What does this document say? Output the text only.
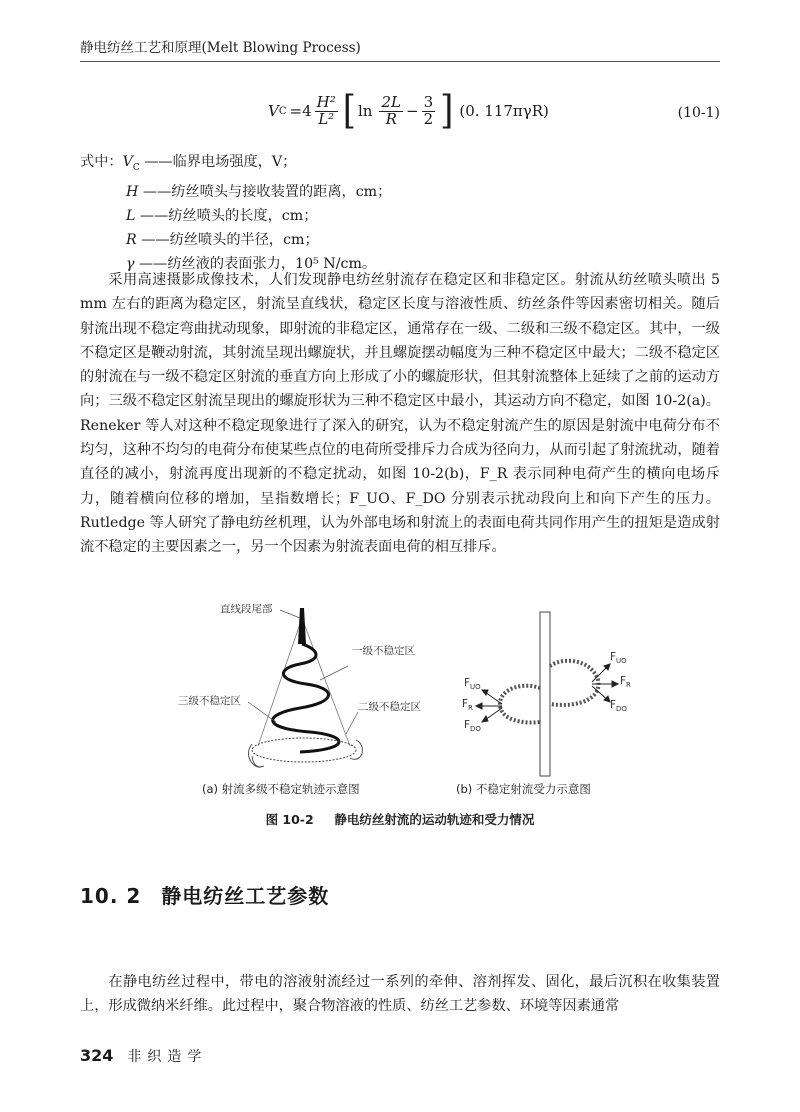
静电纺丝工艺和原理(Melt Blowing Process)
V $C =4 \frac{\text{H²}}{\text{L²}}$ [ $\ln \frac{2L}{R} - \frac{3}{2}$ ] (0. 117πγR)	(10-1)
式中：$V_C$ ——临界电场强度，V；
H ——纺丝喷头与接收装置的距离，cm；
L ——纺丝喷头的长度，cm；
R ——纺丝喷头的半径，cm；
γ ——纺丝液的表面张力，10⁵ N/cm。
采用高速摄影成像技术，人们发现静电纺丝射流存在稳定区和非稳定区。射流从纺丝喷头喷出 5 mm 左右的距离为稳定区，射流呈直线状，稳定区长度与溶液性质、纺丝条件等因素密切相关。随后射流出现不稳定弯曲扰动现象，即射流的非稳定区，通常存在一级、二级和三级不稳定区。其中，一级不稳定区是鞭动射流，其射流呈现出螺旋状，并且螺旋摆动幅度为三种不稳定区中最大；二级不稳定区的射流在与一级不稳定区射流的垂直方向上形成了小的螺旋形状，但其射流整体上延续了之前的运动方向；三级不稳定区射流呈现出的螺旋形状为三种不稳定区中最小，其运动方向不稳定，如图 10-2(a)。Reneker 等人对这种不稳定现象进行了深入的研究，认为不稳定射流产生的原因是射流中电荷分布不均匀，这种不均匀的电荷分布使某些点位的电荷所受排斥力合成为径向力，从而引起了射流扰动，随着直径的减小，射流再度出现新的不稳定扰动，如图 10-2(b)，F_R 表示同种电荷产生的横向电场斥力，随着横向位移的增加，呈指数增长；F_UO、F_DO 分别表示扰动段向上和向下产生的压力。Rutledge 等人研究了静电纺丝机理，认为外部电场和射流上的表面电荷共同作用产生的扭矩是造成射流不稳定的主要因素之一，另一个因素为射流表面电荷的相互排斥。
直线段尾部
一级不稳定区
三级不稳定区	二级不稳定区
(a) 射流多级不稳定轨迹示意图
$F_{UO}$
$F_R$
$F_{DO}$
$F_{UO}$
$F_R$
$F_{DO}$
(b) 不稳定射流受力示意图
图 10-2 静电纺丝射流的运动轨迹和受力情况
10. 2 静电纺丝工艺参数
在静电纺丝过程中，带电的溶液射流经过一系列的牵伸、溶剂挥发、固化，最后沉积在收集装置上，形成微纳米纤维。此过程中，聚合物溶液的性质、纺丝工艺参数、环境等因素通常
324 非织造学
